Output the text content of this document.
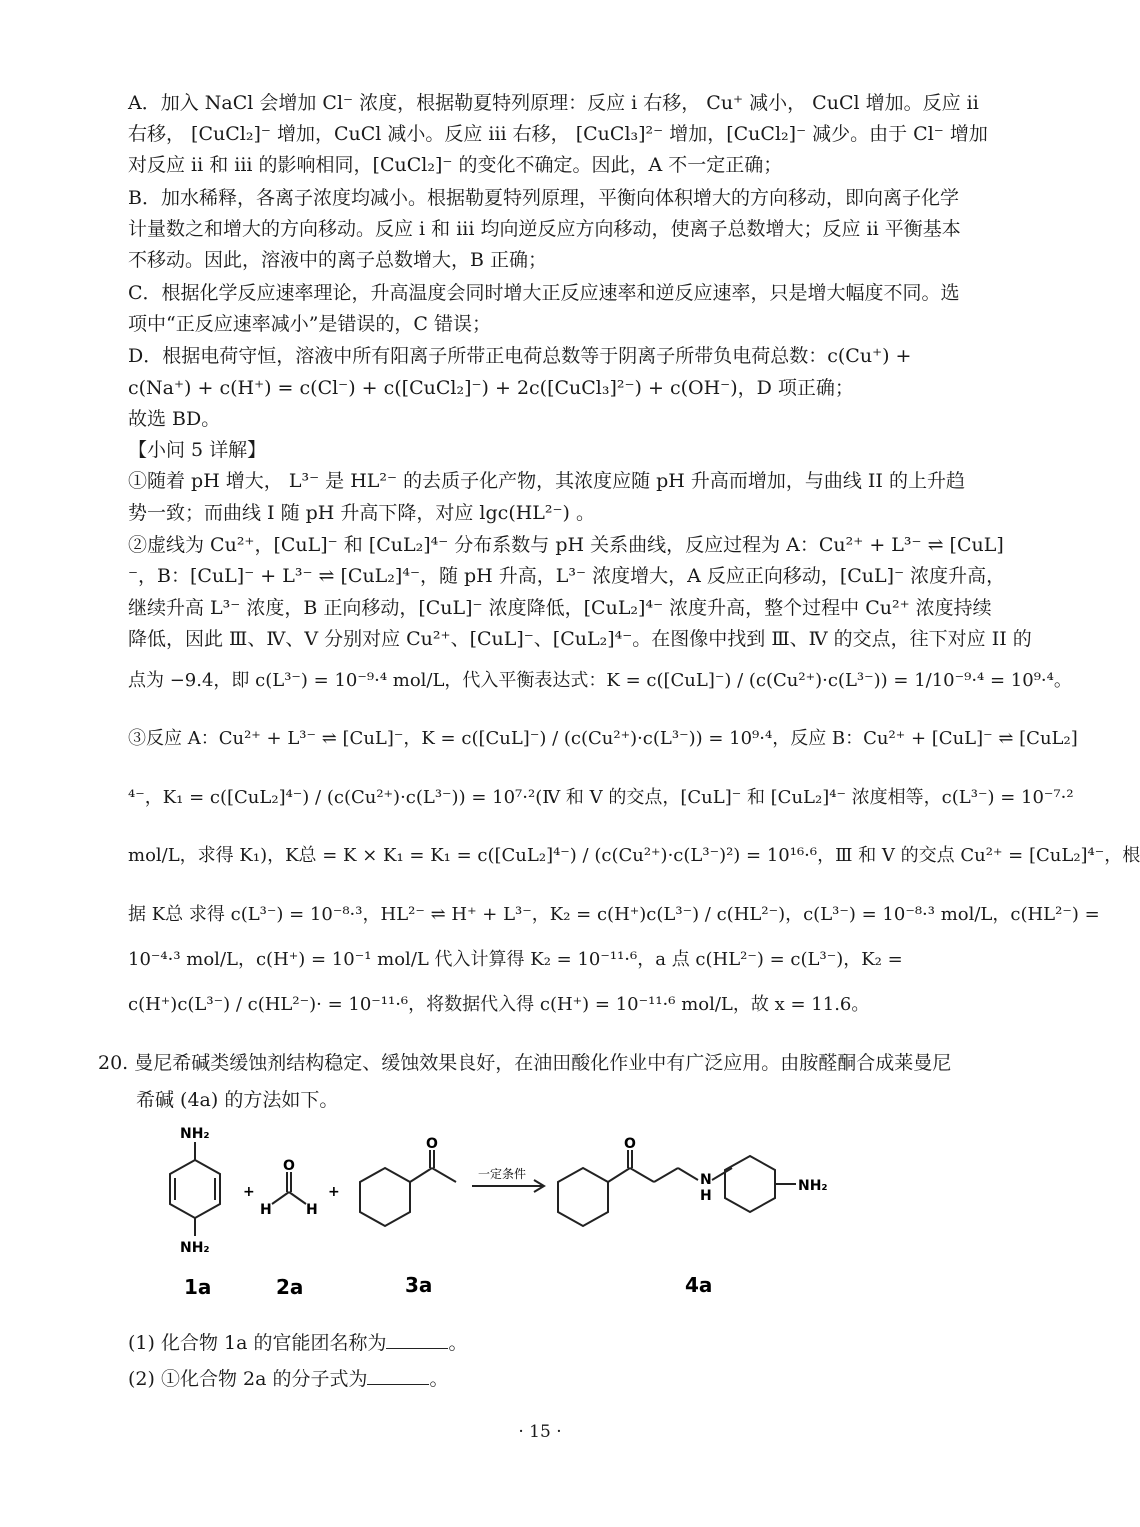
A．加入 NaCl 会增加 Cl⁻ 浓度，根据勒夏特列原理：反应 i 右移， Cu⁺ 减小， CuCl 增加。反应 ii
右移， [CuCl₂]⁻ 增加，CuCl 减小。反应 iii 右移， [CuCl₃]²⁻ 增加，[CuCl₂]⁻ 减少。由于 Cl⁻ 增加
对反应 ii 和 iii 的影响相同，[CuCl₂]⁻ 的变化不确定。因此，A 不一定正确；
B．加水稀释，各离子浓度均减小。根据勒夏特列原理，平衡向体积增大的方向移动，即向离子化学
计量数之和增大的方向移动。反应 i 和 iii 均向逆反应方向移动，使离子总数增大；反应 ii 平衡基本
不移动。因此，溶液中的离子总数增大，B 正确；
C．根据化学反应速率理论，升高温度会同时增大正反应速率和逆反应速率，只是增大幅度不同。选
项中“正反应速率减小”是错误的，C 错误；
D．根据电荷守恒，溶液中所有阳离子所带正电荷总数等于阴离子所带负电荷总数：c(Cu⁺) +
c(Na⁺) + c(H⁺) = c(Cl⁻) + c([CuCl₂]⁻) + 2c([CuCl₃]²⁻) + c(OH⁻)，D 项正确；
故选 BD。
【小问 5 详解】
①随着 pH 增大， L³⁻ 是 HL²⁻ 的去质子化产物，其浓度应随 pH 升高而增加，与曲线 II 的上升趋
势一致；而曲线 I 随 pH 升高下降，对应 lgc(HL²⁻) 。
②虚线为 Cu²⁺，[CuL]⁻ 和 [CuL₂]⁴⁻ 分布系数与 pH 关系曲线，反应过程为 A：Cu²⁺ + L³⁻ ⇌ [CuL]
⁻，B：[CuL]⁻ + L³⁻ ⇌ [CuL₂]⁴⁻，随 pH 升高，L³⁻ 浓度增大，A 反应正向移动，[CuL]⁻ 浓度升高，
继续升高 L³⁻ 浓度，B 正向移动，[CuL]⁻ 浓度降低，[CuL₂]⁴⁻ 浓度升高，整个过程中 Cu²⁺ 浓度持续
降低，因此 Ⅲ、Ⅳ、Ⅴ 分别对应 Cu²⁺、[CuL]⁻、[CuL₂]⁴⁻。在图像中找到 Ⅲ、Ⅳ 的交点，往下对应 II 的
点为 −9.4，即 c(L³⁻) = 10⁻⁹·⁴ mol/L，代入平衡表达式：K = c([CuL]⁻) / (c(Cu²⁺)·c(L³⁻)) = 1/10⁻⁹·⁴ = 10⁹·⁴。
③反应 A：Cu²⁺ + L³⁻ ⇌ [CuL]⁻，K = c([CuL]⁻) / (c(Cu²⁺)·c(L³⁻)) = 10⁹·⁴，反应 B：Cu²⁺ + [CuL]⁻ ⇌ [CuL₂]
⁴⁻，K₁ = c([CuL₂]⁴⁻) / (c(Cu²⁺)·c(L³⁻)) = 10⁷·²(Ⅳ 和 Ⅴ 的交点，[CuL]⁻ 和 [CuL₂]⁴⁻ 浓度相等，c(L³⁻) = 10⁻⁷·²
mol/L，求得 K₁)，K总 = K × K₁ = K₁ = c([CuL₂]⁴⁻) / (c(Cu²⁺)·c(L³⁻)²) = 10¹⁶·⁶，Ⅲ 和 Ⅴ 的交点 Cu²⁺ = [CuL₂]⁴⁻，根
据 K总 求得 c(L³⁻) = 10⁻⁸·³，HL²⁻ ⇌ H⁺ + L³⁻，K₂ = c(H⁺)c(L³⁻) / c(HL²⁻)，c(L³⁻) = 10⁻⁸·³ mol/L，c(HL²⁻) =
10⁻⁴·³ mol/L，c(H⁺) = 10⁻¹ mol/L 代入计算得 K₂ = 10⁻¹¹·⁶，a 点 c(HL²⁻) = c(L³⁻)，K₂ =
c(H⁺)c(L³⁻) / c(HL²⁻)· = 10⁻¹¹·⁶，将数据代入得 c(H⁺) = 10⁻¹¹·⁶ mol/L，故 x = 11.6。
20. 曼尼希碱类缓蚀剂结构稳定、缓蚀效果良好，在油田酸化作业中有广泛应用。由胺醛酮合成莱曼尼
希碱 (4a) 的方法如下。
NH₂
NH₂
+
O
H H
+
O
一定条件
O
N
H
NH₂
1a	2a	3a	4a
(1) 化合物 1a 的官能团名称为	。
(2) ①化合物 2a 的分子式为	。
· 15 ·
